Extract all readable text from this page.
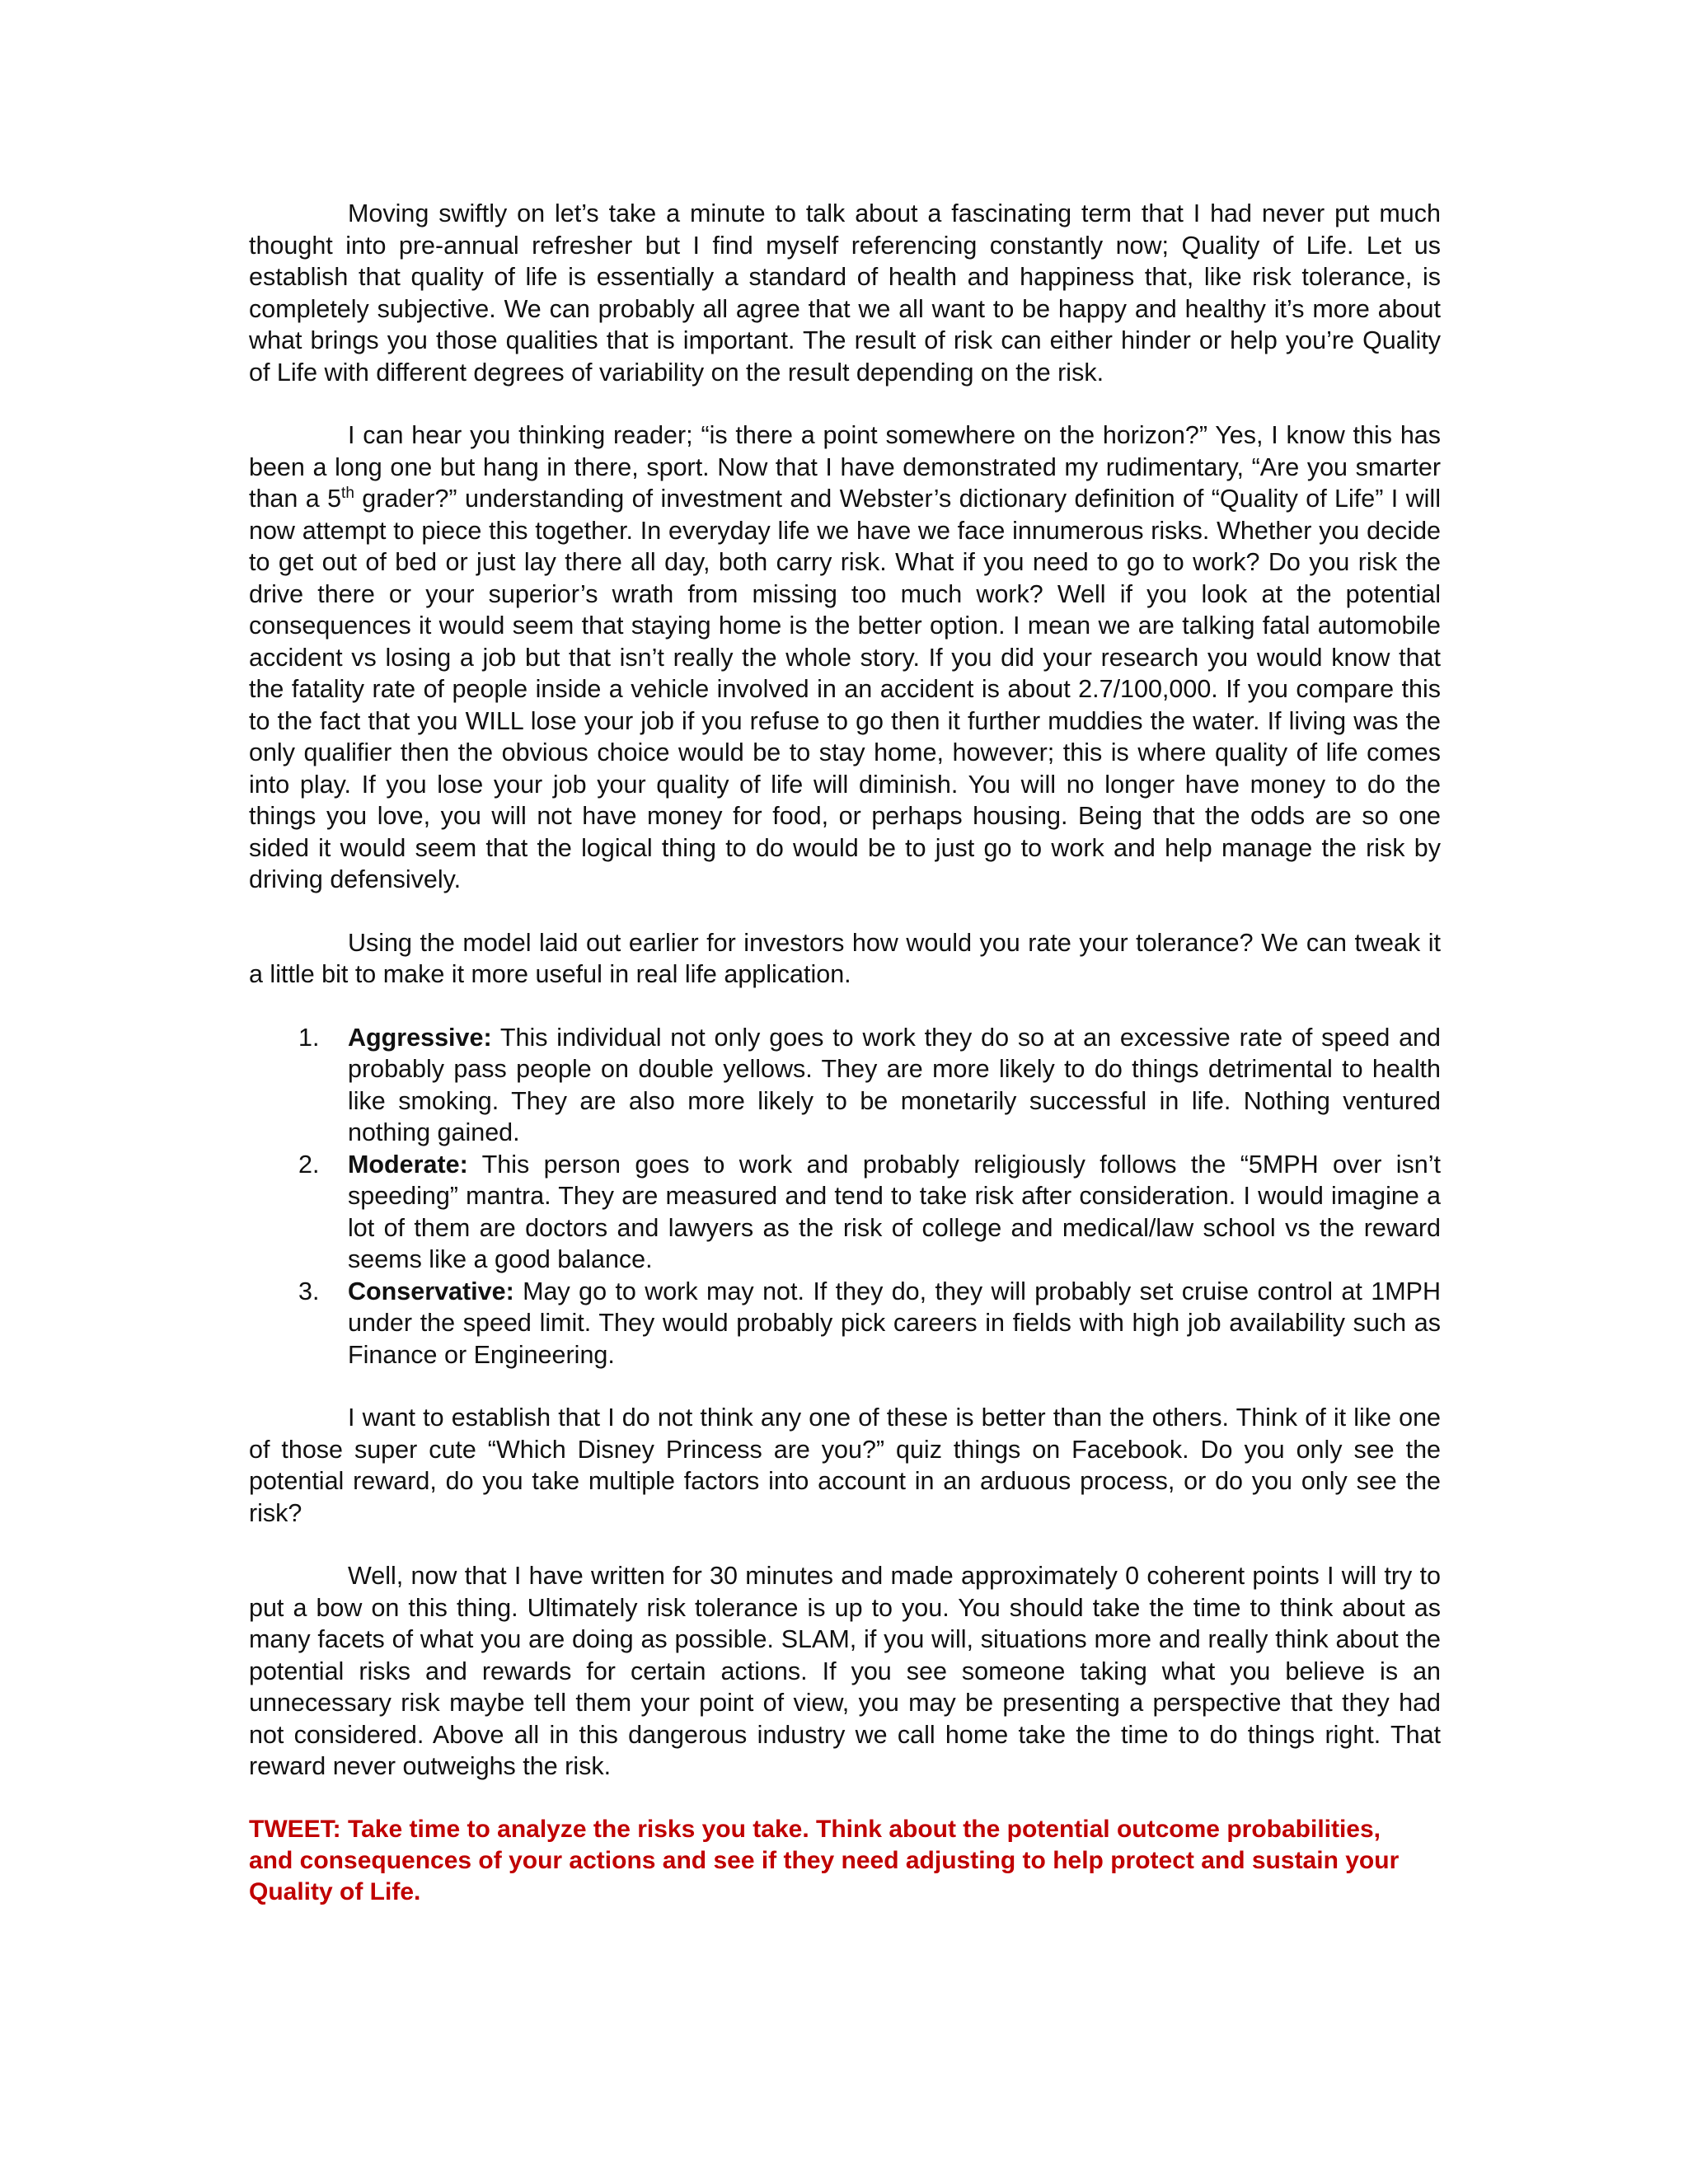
Moving swiftly on let’s take a minute to talk about a fascinating term that I had never put much thought into pre-annual refresher but I find myself referencing constantly now; Quality of Life. Let us establish that quality of life is essentially a standard of health and happiness that, like risk tolerance, is completely subjective. We can probably all agree that we all want to be happy and healthy it’s more about what brings you those qualities that is important. The result of risk can either hinder or help you’re Quality of Life with different degrees of variability on the result depending on the risk.

I can hear you thinking reader; “is there a point somewhere on the horizon?” Yes, I know this has been a long one but hang in there, sport. Now that I have demonstrated my rudimentary, “Are you smarter than a 5th grader?” understanding of investment and Webster’s dictionary definition of “Quality of Life” I will now attempt to piece this together. In everyday life we have we face innumerous risks. Whether you decide to get out of bed or just lay there all day, both carry risk. What if you need to go to work? Do you risk the drive there or your superior’s wrath from missing too much work? Well if you look at the potential consequences it would seem that staying home is the better option. I mean we are talking fatal automobile accident vs losing a job but that isn’t really the whole story. If you did your research you would know that the fatality rate of people inside a vehicle involved in an accident is about 2.7/100,000. If you compare this to the fact that you WILL lose your job if you refuse to go then it further muddies the water. If living was the only qualifier then the obvious choice would be to stay home, however; this is where quality of life comes into play. If you lose your job your quality of life will diminish. You will no longer have money to do the things you love, you will not have money for food, or perhaps housing. Being that the odds are so one sided it would seem that the logical thing to do would be to just go to work and help manage the risk by driving defensively.

Using the model laid out earlier for investors how would you rate your tolerance? We can tweak it a little bit to make it more useful in real life application.

1. Aggressive: This individual not only goes to work they do so at an excessive rate of speed and probably pass people on double yellows. They are more likely to do things detrimental to health like smoking. They are also more likely to be monetarily successful in life. Nothing ventured nothing gained.
2. Moderate: This person goes to work and probably religiously follows the “5MPH over isn’t speeding” mantra. They are measured and tend to take risk after consideration. I would imagine a lot of them are doctors and lawyers as the risk of college and medical/law school vs the reward seems like a good balance.
3. Conservative: May go to work may not. If they do, they will probably set cruise control at 1MPH under the speed limit. They would probably pick careers in fields with high job availability such as Finance or Engineering.

I want to establish that I do not think any one of these is better than the others. Think of it like one of those super cute “Which Disney Princess are you?” quiz things on Facebook. Do you only see the potential reward, do you take multiple factors into account in an arduous process, or do you only see the risk?

Well, now that I have written for 30 minutes and made approximately 0 coherent points I will try to put a bow on this thing. Ultimately risk tolerance is up to you. You should take the time to think about as many facets of what you are doing as possible. SLAM, if you will, situations more and really think about the potential risks and rewards for certain actions. If you see someone taking what you believe is an unnecessary risk maybe tell them your point of view, you may be presenting a perspective that they had not considered. Above all in this dangerous industry we call home take the time to do things right. That reward never outweighs the risk.

TWEET: Take time to analyze the risks you take. Think about the potential outcome probabilities, and consequences of your actions and see if they need adjusting to help protect and sustain your Quality of Life.
